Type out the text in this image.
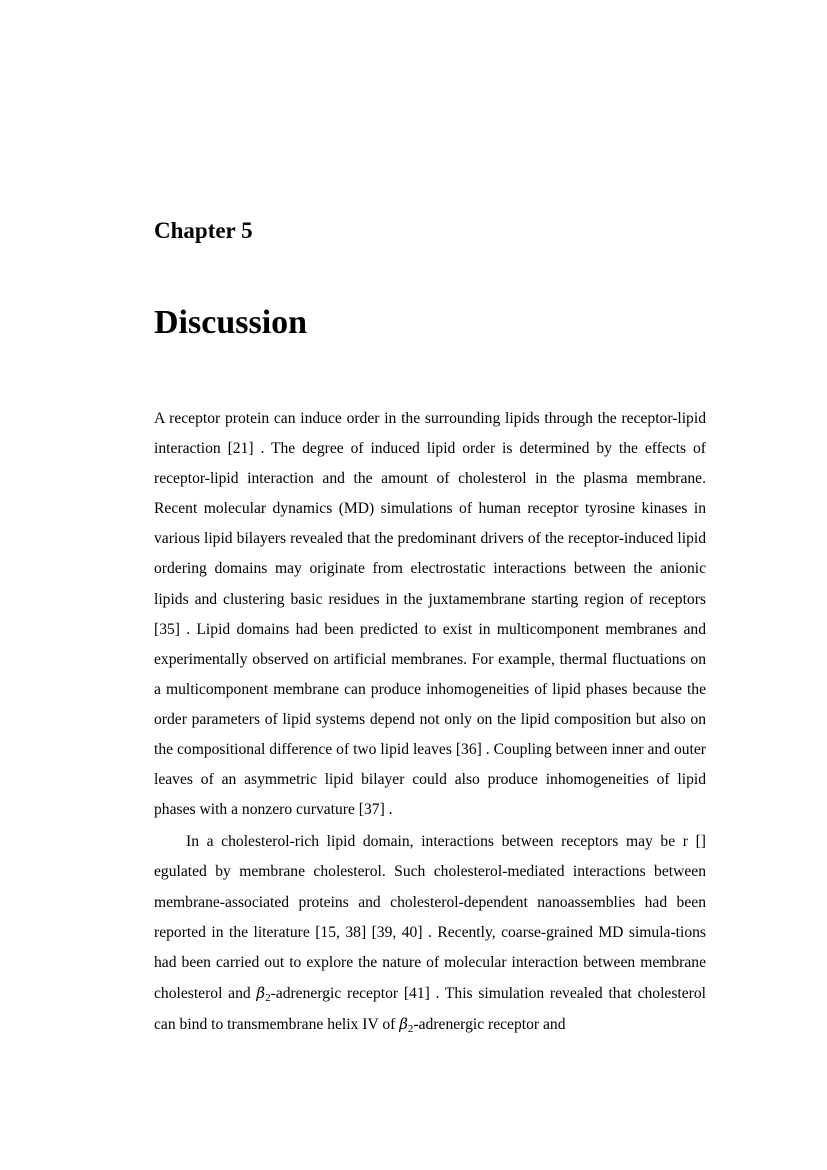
Chapter 5
Discussion

A receptor protein can induce order in the surrounding lipids through the receptor-lipid interaction [21] . The degree of induced lipid order is determined by the effects of receptor-lipid interaction and the amount of cholesterol in the plasma membrane. Recent molecular dynamics (MD) simulations of human receptor tyrosine kinases in various lipid bilayers revealed that the predominant drivers of the receptor-induced lipid ordering domains may originate from electrostatic interactions between the anionic lipids and clustering basic residues in the juxtamembrane starting region of receptors [35] . Lipid domains had been predicted to exist in multicomponent membranes and experimentally observed on artificial membranes. For example, thermal fluctuations on a multicomponent membrane can produce inhomogeneities of lipid phases because the order parameters of lipid systems depend not only on the lipid composition but also on the compositional difference of two lipid leaves [36] . Coupling between inner and outer leaves of an asymmetric lipid bilayer could also produce inhomogeneities of lipid phases with a nonzero curvature [37] .

In a cholesterol-rich lipid domain, interactions between receptors may be r [] egulated by membrane cholesterol. Such cholesterol-mediated interactions between membrane-associated proteins and cholesterol-dependent nanoassemblies had been reported in the literature [15, 38] [39, 40] . Recently, coarse-grained MD simula-tions had been carried out to explore the nature of molecular interaction between membrane cholesterol and $\beta_2$-adrenergic receptor [41] . This simulation revealed that cholesterol can bind to transmembrane helix IV of $\beta_2$-adrenergic receptor and
